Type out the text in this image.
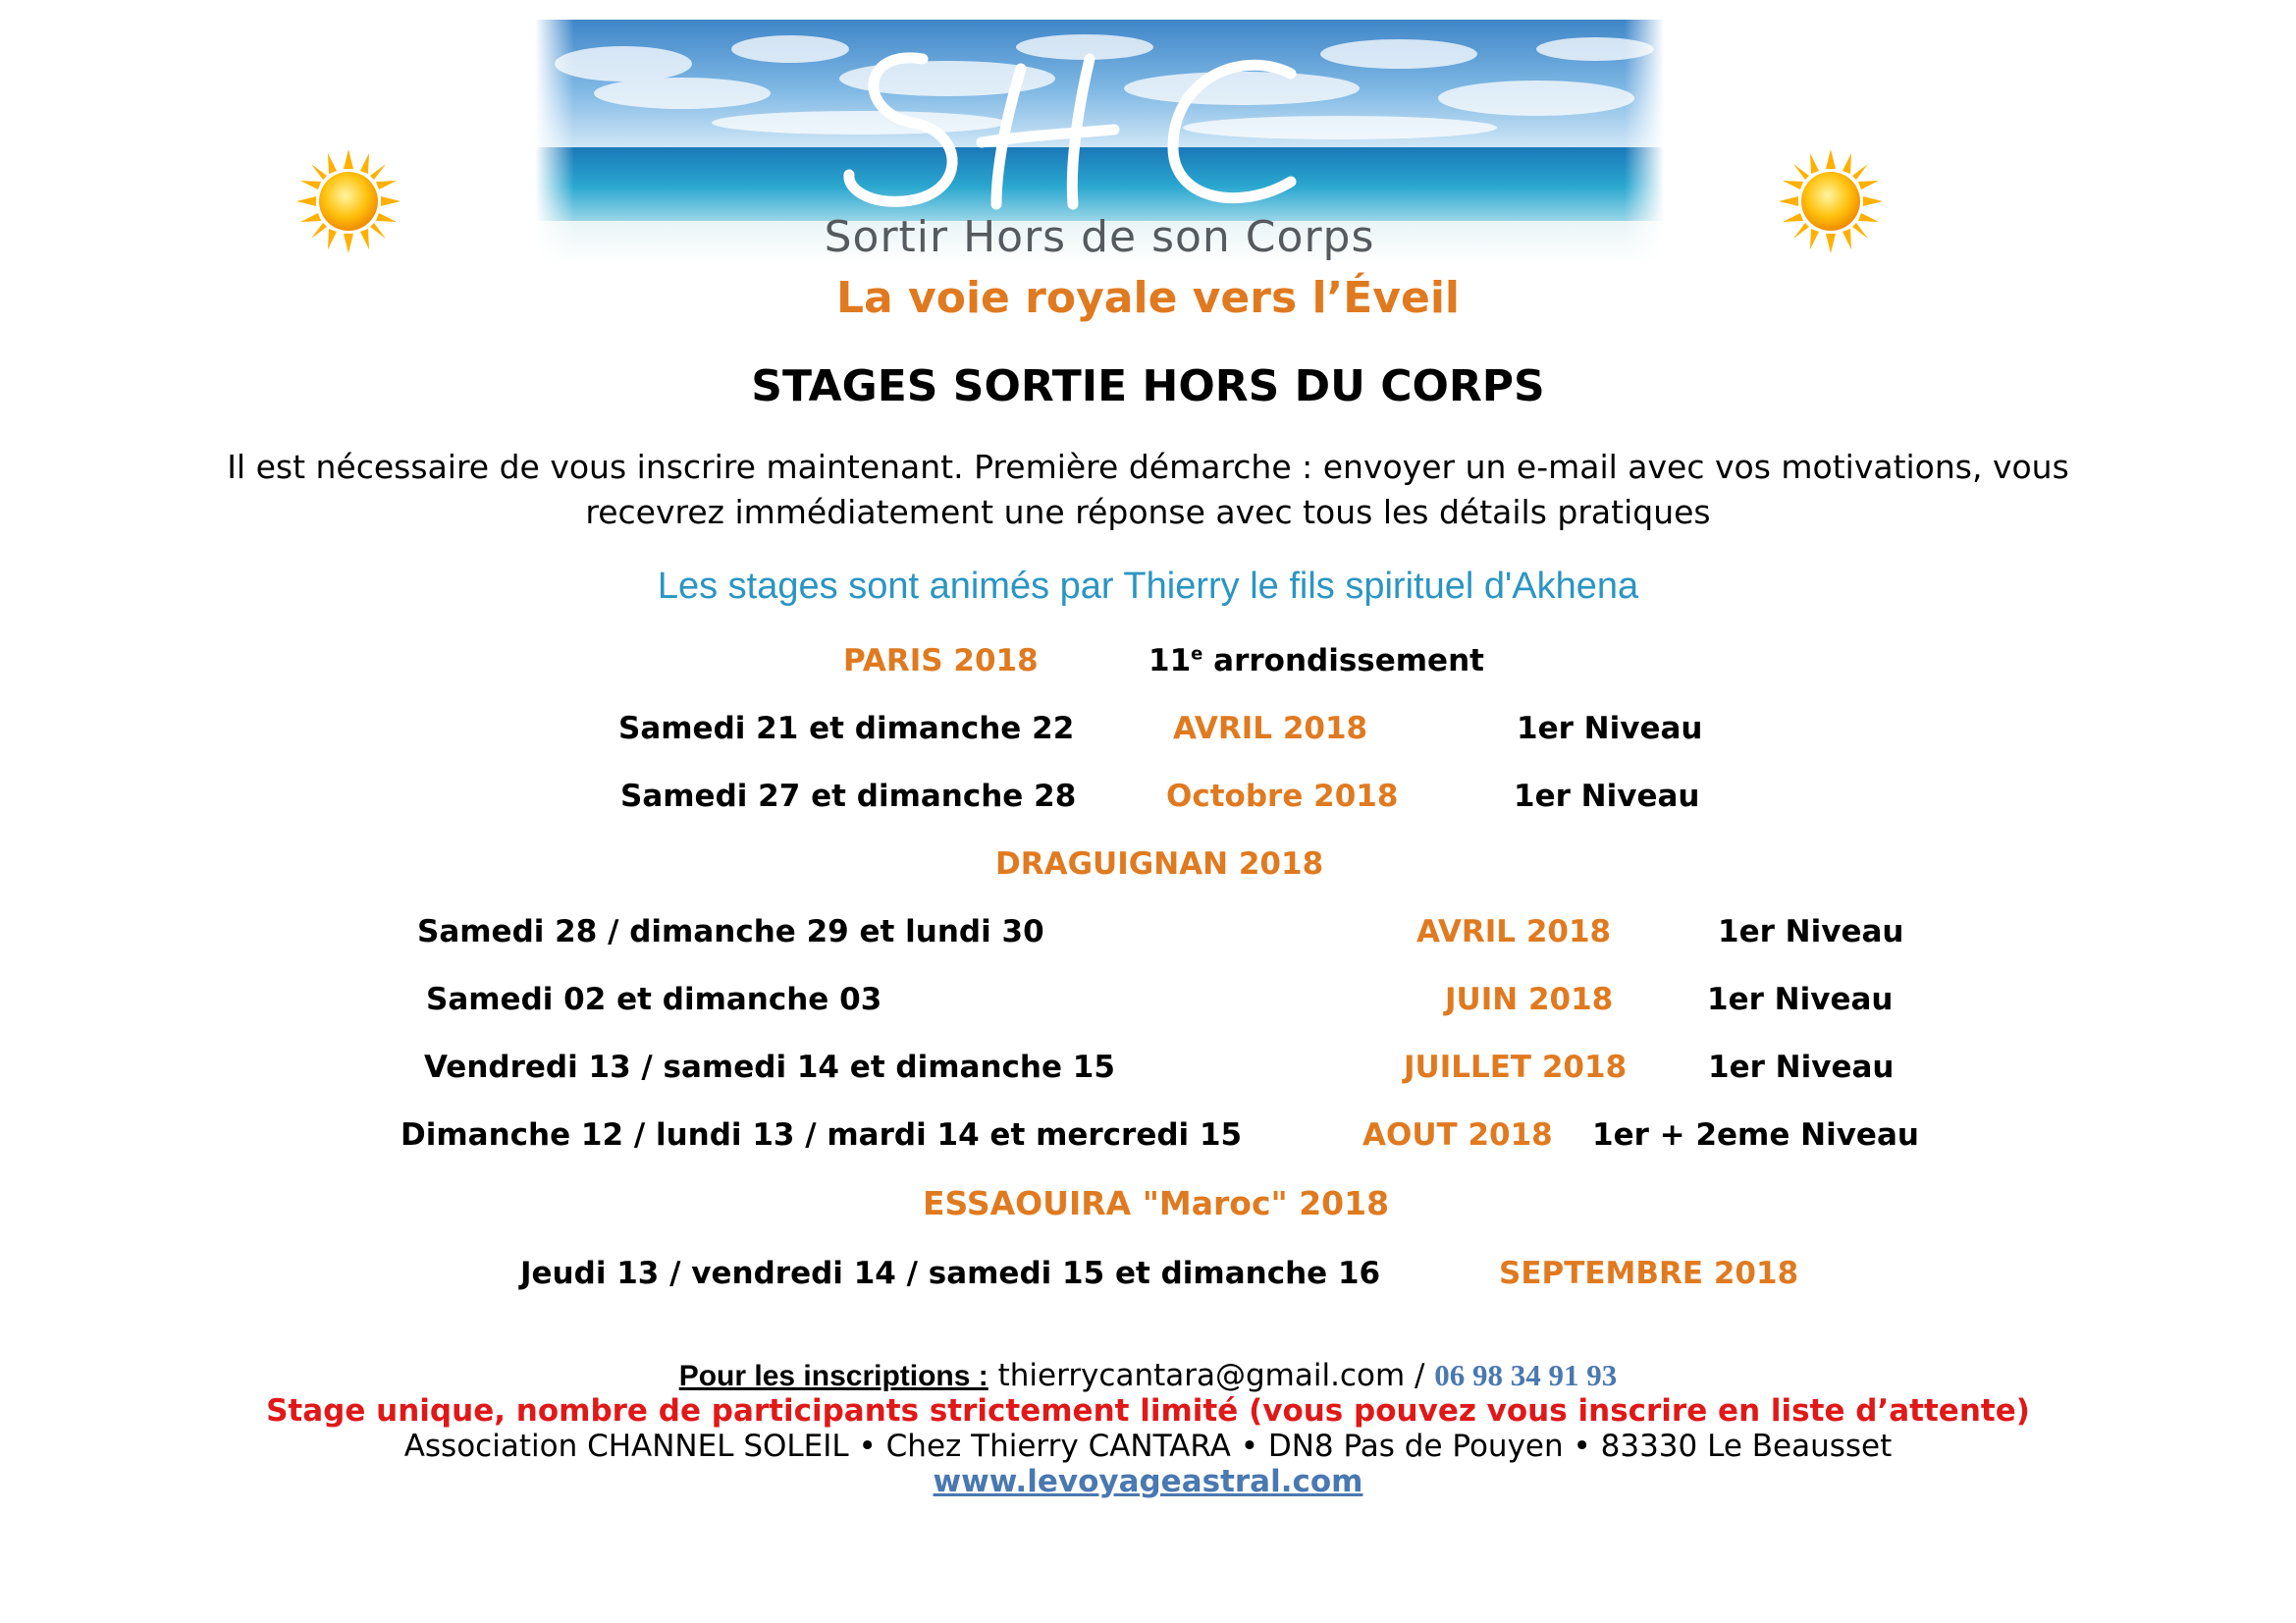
Sortir Hors de son Corps
La voie royale vers l’Éveil
STAGES SORTIE HORS DU CORPS
Il est nécessaire de vous inscrire maintenant. Première démarche : envoyer un e-mail avec vos motivations, vous
recevrez immédiatement une réponse avec tous les détails pratiques
Les stages sont animés par Thierry le fils spirituel d'Akhena
PARIS 2018	11e arrondissement
Samedi 21 et dimanche 22	AVRIL 2018	1er Niveau
Samedi 27 et dimanche 28	Octobre 2018	1er Niveau
DRAGUIGNAN 2018
Samedi 28 / dimanche 29 et lundi 30	AVRIL 2018	1er Niveau
Samedi 02 et dimanche 03	JUIN 2018	1er Niveau
Vendredi 13 / samedi 14 et dimanche 15	JUILLET 2018	1er Niveau
Dimanche 12 / lundi 13 / mardi 14 et mercredi 15	AOUT 2018 1er + 2eme Niveau
ESSAOUIRA "Maroc" 2018
Jeudi 13 / vendredi 14 / samedi 15 et dimanche 16	SEPTEMBRE 2018
Pour les inscriptions : thierrycantara@gmail.com / 06 98 34 91 93
Stage unique, nombre de participants strictement limité (vous pouvez vous inscrire en liste d’attente)
Association CHANNEL SOLEIL • Chez Thierry CANTARA • DN8 Pas de Pouyen • 83330 Le Beausset
www.levoyageastral.com
